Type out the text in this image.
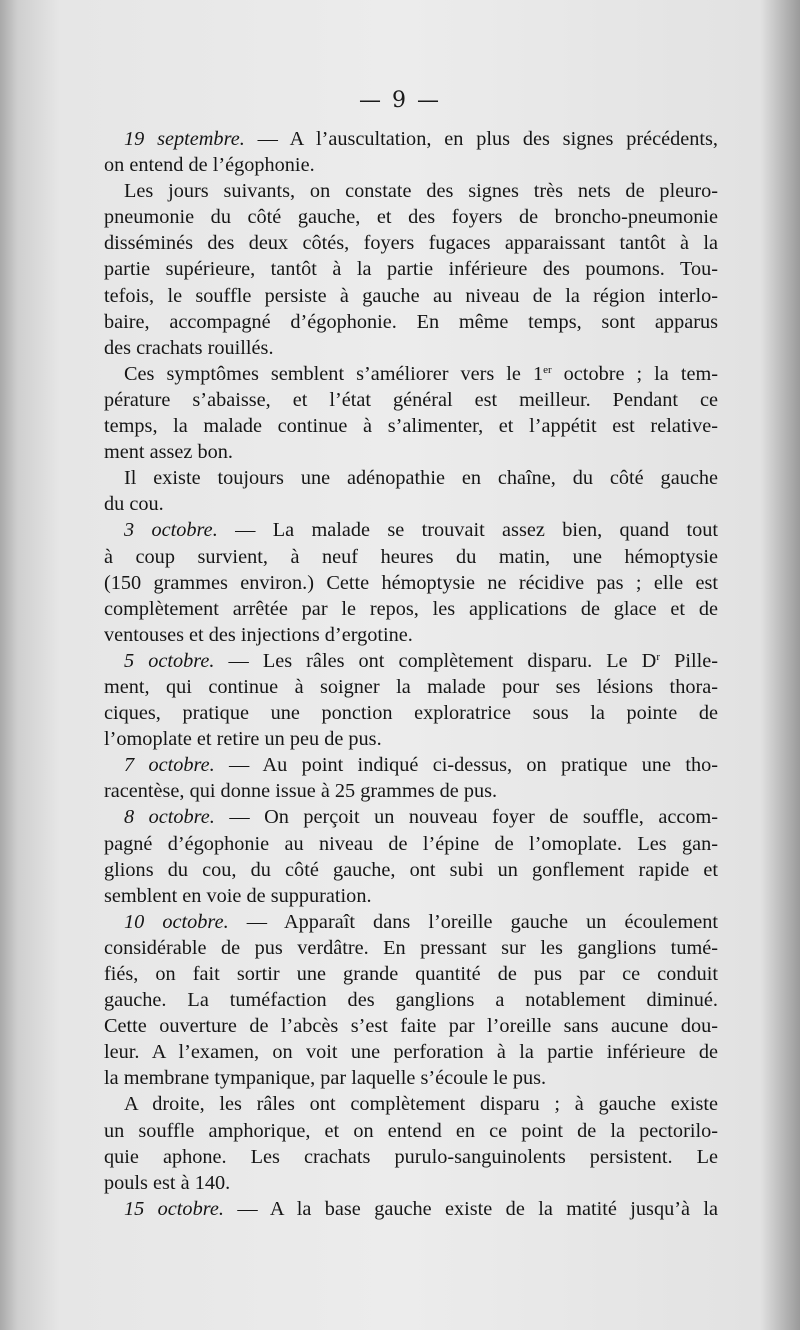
— 9 —
19 septembre. — A l’auscultation, en plus des signes précédents,
on entend de l’égophonie.
Les jours suivants, on constate des signes très nets de pleuro-
pneumonie du côté gauche, et des foyers de broncho-pneumonie
disséminés des deux côtés, foyers fugaces apparaissant tantôt à la
partie supérieure, tantôt à la partie inférieure des poumons. Tou-
tefois, le souffle persiste à gauche au niveau de la région interlo-
baire, accompagné d’égophonie. En même temps, sont apparus
des crachats rouillés.
Ces symptômes semblent s’améliorer vers le 1er octobre ; la tem-
pérature s’abaisse, et l’état général est meilleur. Pendant ce
temps, la malade continue à s’alimenter, et l’appétit est relative-
ment assez bon.
Il existe toujours une adénopathie en chaîne, du côté gauche
du cou.
3 octobre. — La malade se trouvait assez bien, quand tout
à coup survient, à neuf heures du matin, une hémoptysie
(150 grammes environ.) Cette hémoptysie ne récidive pas ; elle est
complètement arrêtée par le repos, les applications de glace et de
ventouses et des injections d’ergotine.
5 octobre. — Les râles ont complètement disparu. Le $D^r$ Pille-
ment, qui continue à soigner la malade pour ses lésions thora-
ciques, pratique une ponction exploratrice sous la pointe de
l’omoplate et retire un peu de pus.
7 octobre. — Au point indiqué ci-dessus, on pratique une tho-
racentèse, qui donne issue à 25 grammes de pus.
8 octobre. — On perçoit un nouveau foyer de souffle, accom-
pagné d’égophonie au niveau de l’épine de l’omoplate. Les gan-
glions du cou, du côté gauche, ont subi un gonflement rapide et
semblent en voie de suppuration.
10 octobre. — Apparaît dans l’oreille gauche un écoulement
considérable de pus verdâtre. En pressant sur les ganglions tumé-
fiés, on fait sortir une grande quantité de pus par ce conduit
gauche. La tuméfaction des ganglions a notablement diminué.
Cette ouverture de l’abcès s’est faite par l’oreille sans aucune dou-
leur. A l’examen, on voit une perforation à la partie inférieure de
la membrane tympanique, par laquelle s’écoule le pus.
A droite, les râles ont complètement disparu ; à gauche existe
un souffle amphorique, et on entend en ce point de la pectorilo-
quie aphone. Les crachats purulo-sanguinolents persistent. Le
pouls est à 140.
15 octobre. — A la base gauche existe de la matité jusqu’à la
